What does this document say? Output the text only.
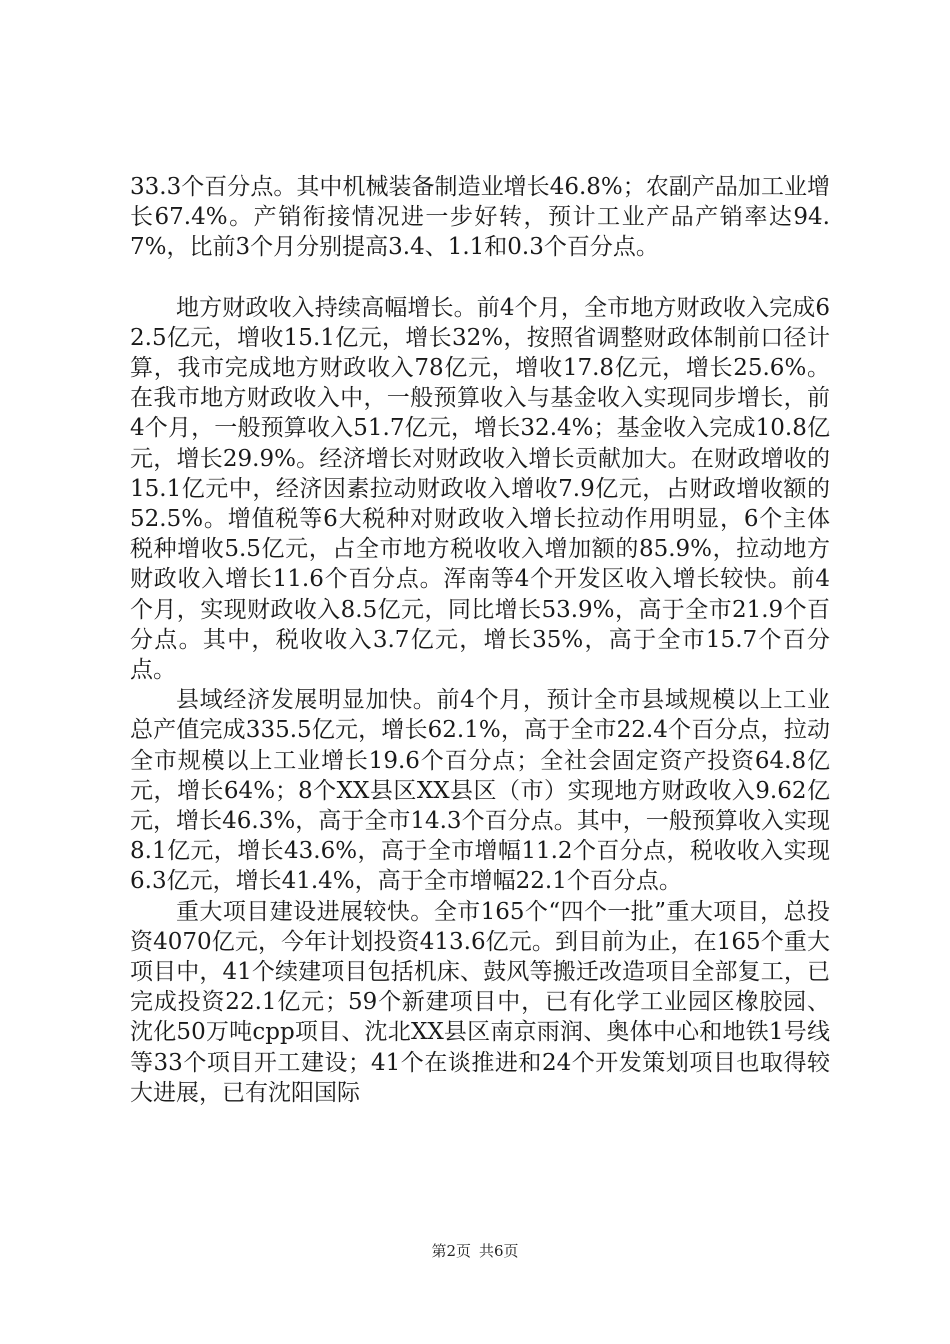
33.3个百分点。其中机械装备制造业增长46.8%；农副产品加工业增长67.4%。产销衔接情况进一步好转，预计工业产品产销率达94.7%，比前3个月分别提高3.4、1.1和0.3个百分点。

地方财政收入持续高幅增长。前4个月，全市地方财政收入完成62.5亿元，增收15.1亿元，增长32%，按照省调整财政体制前口径计算，我市完成地方财政收入78亿元，增收17.8亿元，增长25.6%。在我市地方财政收入中，一般预算收入与基金收入实现同步增长，前4个月，一般预算收入51.7亿元，增长32.4%；基金收入完成10.8亿元，增长29.9%。经济增长对财政收入增长贡献加大。在财政增收的15.1亿元中，经济因素拉动财政收入增收7.9亿元，占财政增收额的52.5%。增值税等6大税种对财政收入增长拉动作用明显，6个主体税种增收5.5亿元，占全市地方税收收入增加额的85.9%，拉动地方财政收入增长11.6个百分点。浑南等4个开发区收入增长较快。前4个月，实现财政收入8.5亿元，同比增长53.9%，高于全市21.9个百分点。其中，税收收入3.7亿元，增长35%，高于全市15.7个百分点。

县域经济发展明显加快。前4个月，预计全市县域规模以上工业总产值完成335.5亿元，增长62.1%，高于全市22.4个百分点，拉动全市规模以上工业增长19.6个百分点；全社会固定资产投资64.8亿元，增长64%；8个XX县区XX县区（市）实现地方财政收入9.62亿元，增长46.3%，高于全市14.3个百分点。其中，一般预算收入实现8.1亿元，增长43.6%，高于全市增幅11.2个百分点，税收收入实现6.3亿元，增长41.4%，高于全市增幅22.1个百分点。

重大项目建设进展较快。全市165个“四个一批”重大项目，总投资4070亿元，今年计划投资413.6亿元。到目前为止，在165个重大项目中，41个续建项目包括机床、鼓风等搬迁改造项目全部复工，已完成投资22.1亿元；59个新建项目中，已有化学工业园区橡胶园、沈化50万吨cpp项目、沈北XX县区南京雨润、奥体中心和地铁1号线等33个项目开工建设；41个在谈推进和24个开发策划项目也取得较大进展，已有沈阳国际

第2页 共6页
